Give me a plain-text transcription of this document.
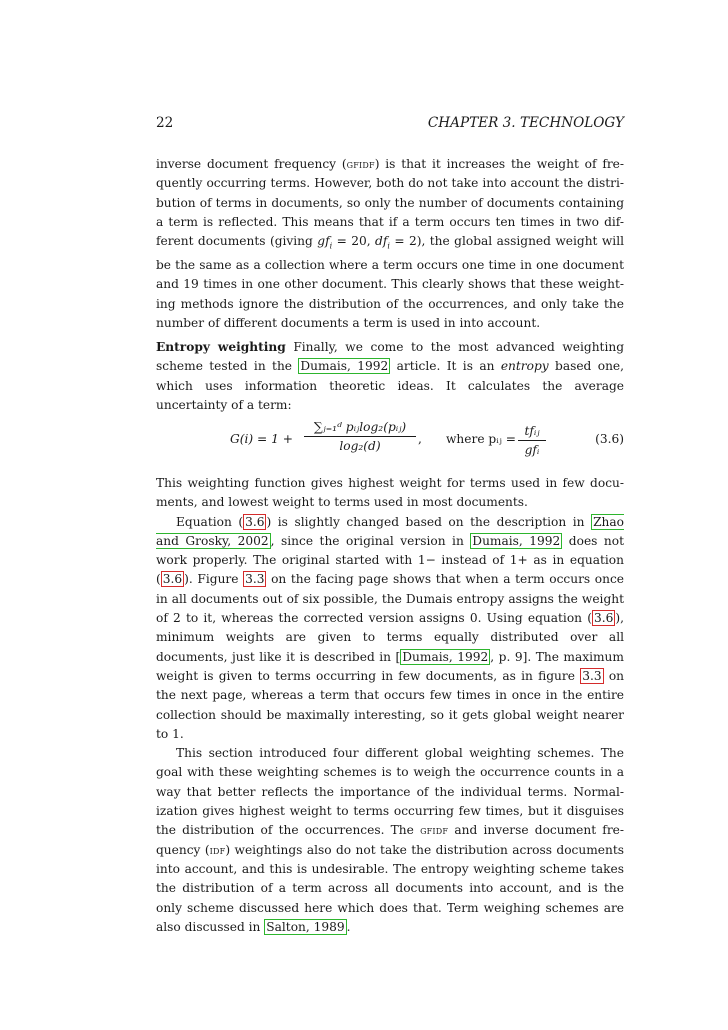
22	CHAPTER 3. TECHNOLOGY

inverse document frequency (gfidf) is that it increases the weight of fre-quently occurring terms. However, both do not take into account the distri-bution of terms in documents, so only the number of documents containing a term is reflected. This means that if a term occurs ten times in two dif-ferent documents (giving $gf_i = 20$, $df_i = 2$), the global assigned weight will be the same as a collection where a term occurs one time in one document and 19 times in one other document. This clearly shows that these weight-ing methods ignore the distribution of the occurrences, and only take the number of different documents a term is used in into account.

Entropy weighting Finally, we come to the most advanced weighting scheme tested in the Dumais, 1992 article. It is an entropy based one, which uses information theoretic ideas. It calculates the average uncertainty of a term:

G(i) = 1 +
∑ⱼ₌₁ᵈ pᵢⱼlog₂(pᵢⱼ)
log₂(d)	, where pᵢⱼ =
tfᵢⱼ
gfᵢ
(3.6)

This weighting function gives highest weight for terms used in few docu-ments, and lowest weight to terms used in most documents.

Equation ( 3.6 ) is slightly changed based on the description in Zhao and Grosky, 2002 , since the original version in Dumais, 1992 does not work properly. The original started with 1− instead of 1+ as in equation ( 3.6 ). Figure 3.3 on the facing page shows that when a term occurs once in all documents out of six possible, the Dumais entropy assigns the weight of 2 to it, whereas the corrected version assigns 0. Using equation ( 3.6 ), minimum weights are given to terms equally distributed over all documents, just like it is described in [ Dumais, 1992 , p. 9]. The maximum weight is given to terms occurring in few documents, as in figure 3.3 on the next page, whereas a term that occurs few times in once in the entire collection should be maximally interesting, so it gets global weight nearer to 1.

This section introduced four different global weighting schemes. The goal with these weighting schemes is to weigh the occurrence counts in a way that better reflects the importance of the individual terms. Normal-ization gives highest weight to terms occurring few times, but it disguises the distribution of the occurrences. The gfidf and inverse document fre-quency (idf) weightings also do not take the distribution across documents into account, and this is undesirable. The entropy weighting scheme takes the distribution of a term across all documents into account, and is the only scheme discussed here which does that. Term weighing schemes are also discussed in Salton, 1989 .
